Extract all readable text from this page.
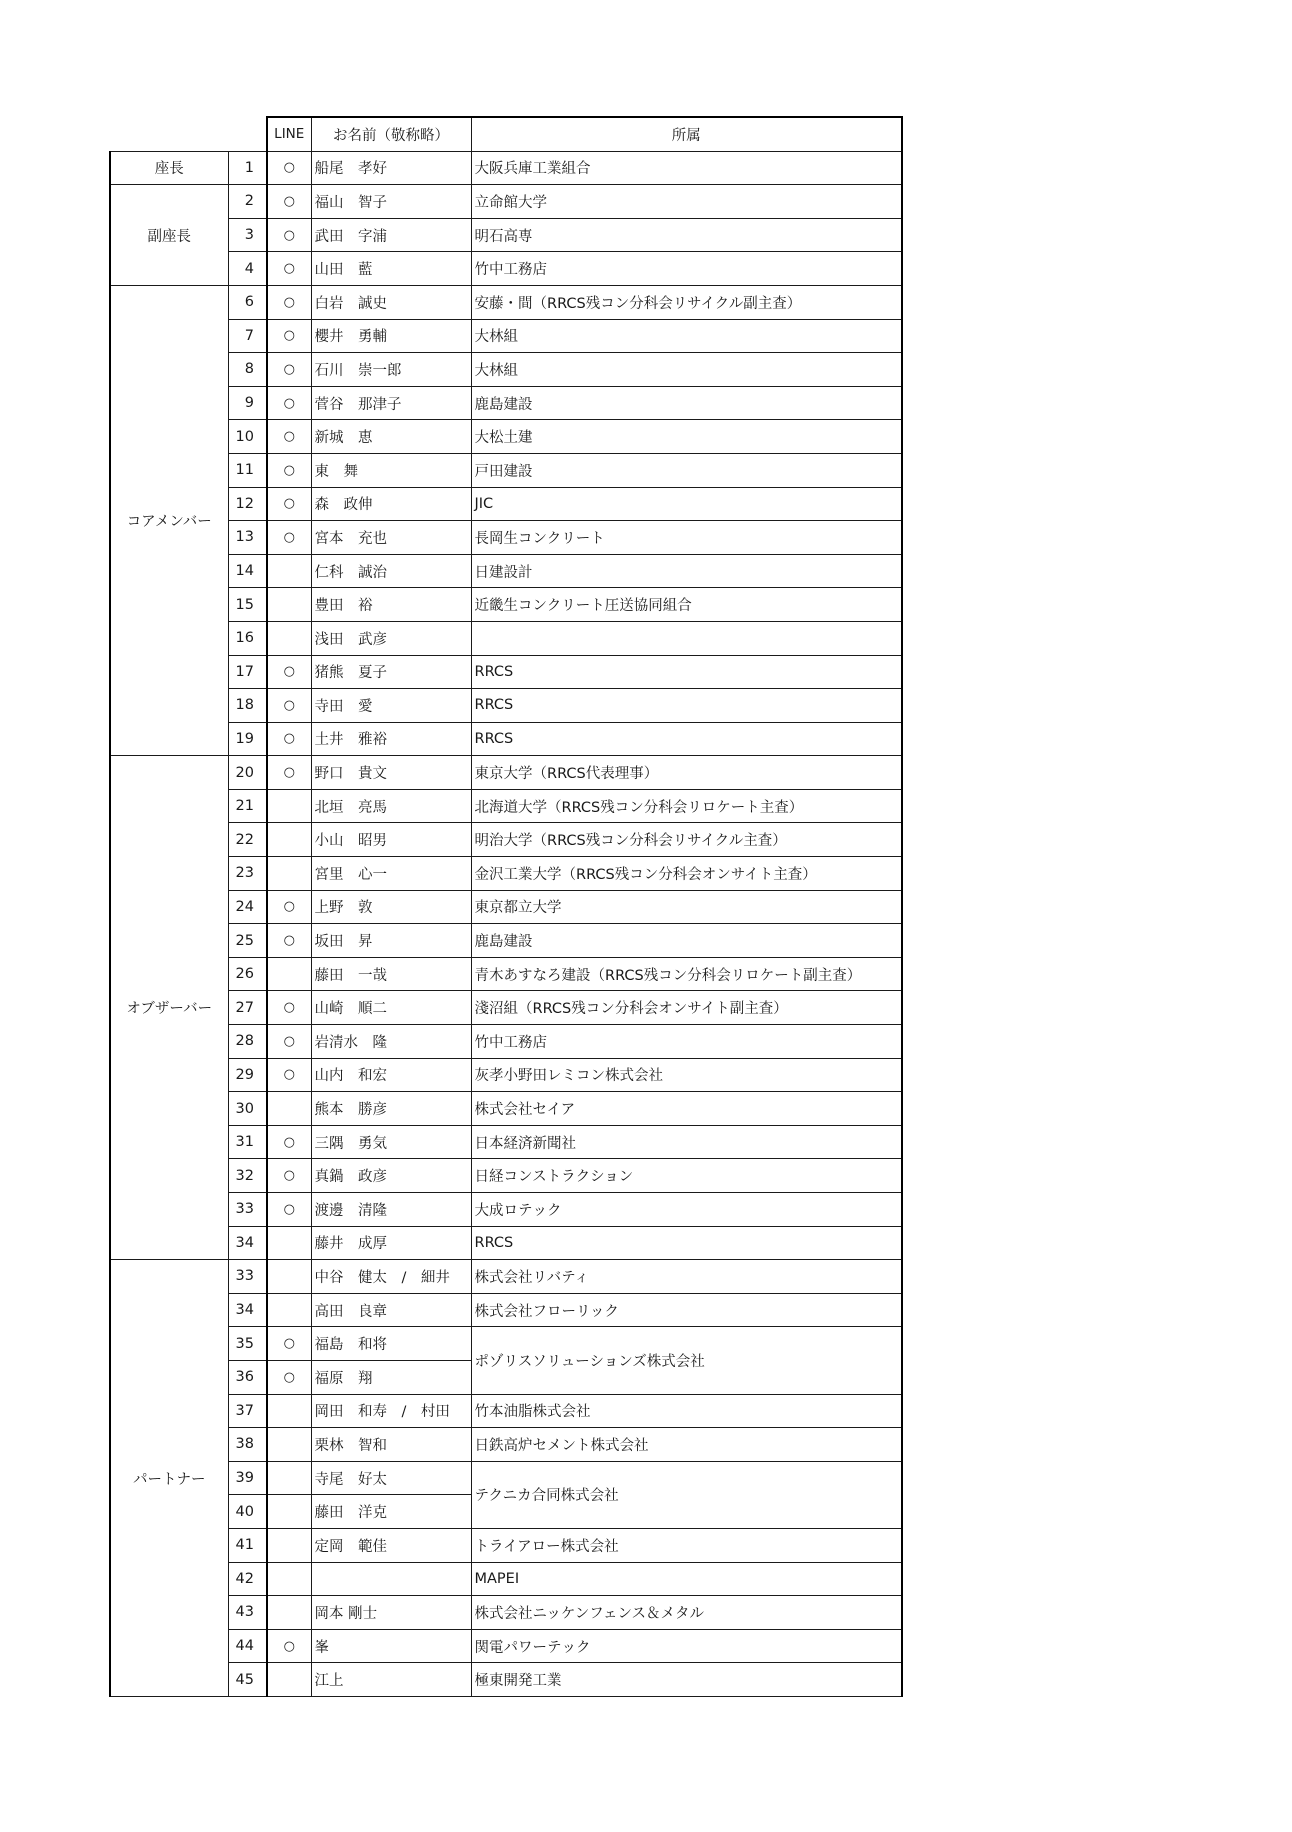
		LINE	お名前（敬称略）	所属
座長	1	○	船尾　孝好	大阪兵庫工業組合
副座長	2	○	福山　智子	立命館大学
	3	○	武田　字浦	明石高専
	4	○	山田　藍	竹中工務店
コアメンバー	6	○	白岩　誠史	安藤・間（RRCS残コン分科会リサイクル副主査）
	7	○	櫻井　勇輔	大林組
	8	○	石川　崇一郎	大林組
	9	○	菅谷　那津子	鹿島建設
	10	○	新城　恵	大松土建
	11	○	東　舞	戸田建設
	12	○	森　政伸	JIC
	13	○	宮本　充也	長岡生コンクリート
	14		仁科　誠治	日建設計
	15		豊田　裕	近畿生コンクリート圧送協同組合
	16		浅田　武彦	
	17	○	猪熊　夏子	RRCS
	18	○	寺田　愛	RRCS
	19	○	土井　雅裕	RRCS
オブザーバー	20	○	野口　貴文	東京大学（RRCS代表理事）
	21		北垣　亮馬	北海道大学（RRCS残コン分科会リロケート主査）
	22		小山　昭男	明治大学（RRCS残コン分科会リサイクル主査）
	23		宮里　心一	金沢工業大学（RRCS残コン分科会オンサイト主査）
	24	○	上野　敦	東京都立大学
	25	○	坂田　昇	鹿島建設
	26		藤田　一哉	青木あすなろ建設（RRCS残コン分科会リロケート副主査）
	27	○	山崎　順二	淺沼組（RRCS残コン分科会オンサイト副主査）
	28	○	岩清水　隆	竹中工務店
	29	○	山内　和宏	灰孝小野田レミコン株式会社
	30		熊本　勝彦	株式会社セイア
	31	○	三隅　勇気	日本経済新聞社
	32	○	真鍋　政彦	日経コンストラクション
	33	○	渡邊　清隆	大成ロテック
	34		藤井　成厚	RRCS
パートナー	33		中谷　健太　/　細井	株式会社リバティ
	34		高田　良章	株式会社フローリック
	35	○	福島　和将	ポゾリスソリューションズ株式会社
	36	○	福原　翔	
	37		岡田　和寿　/　村田	竹本油脂株式会社
	38		栗林　智和	日鉄高炉セメント株式会社
	39		寺尾　好太	テクニカ合同株式会社
	40		藤田　洋克	
	41		定岡　範佳	トライアロー株式会社
	42			MAPEI
	43		岡本 剛士	株式会社ニッケンフェンス＆メタル
	44	○	峯	関電パワーテック
	45		江上	極東開発工業
